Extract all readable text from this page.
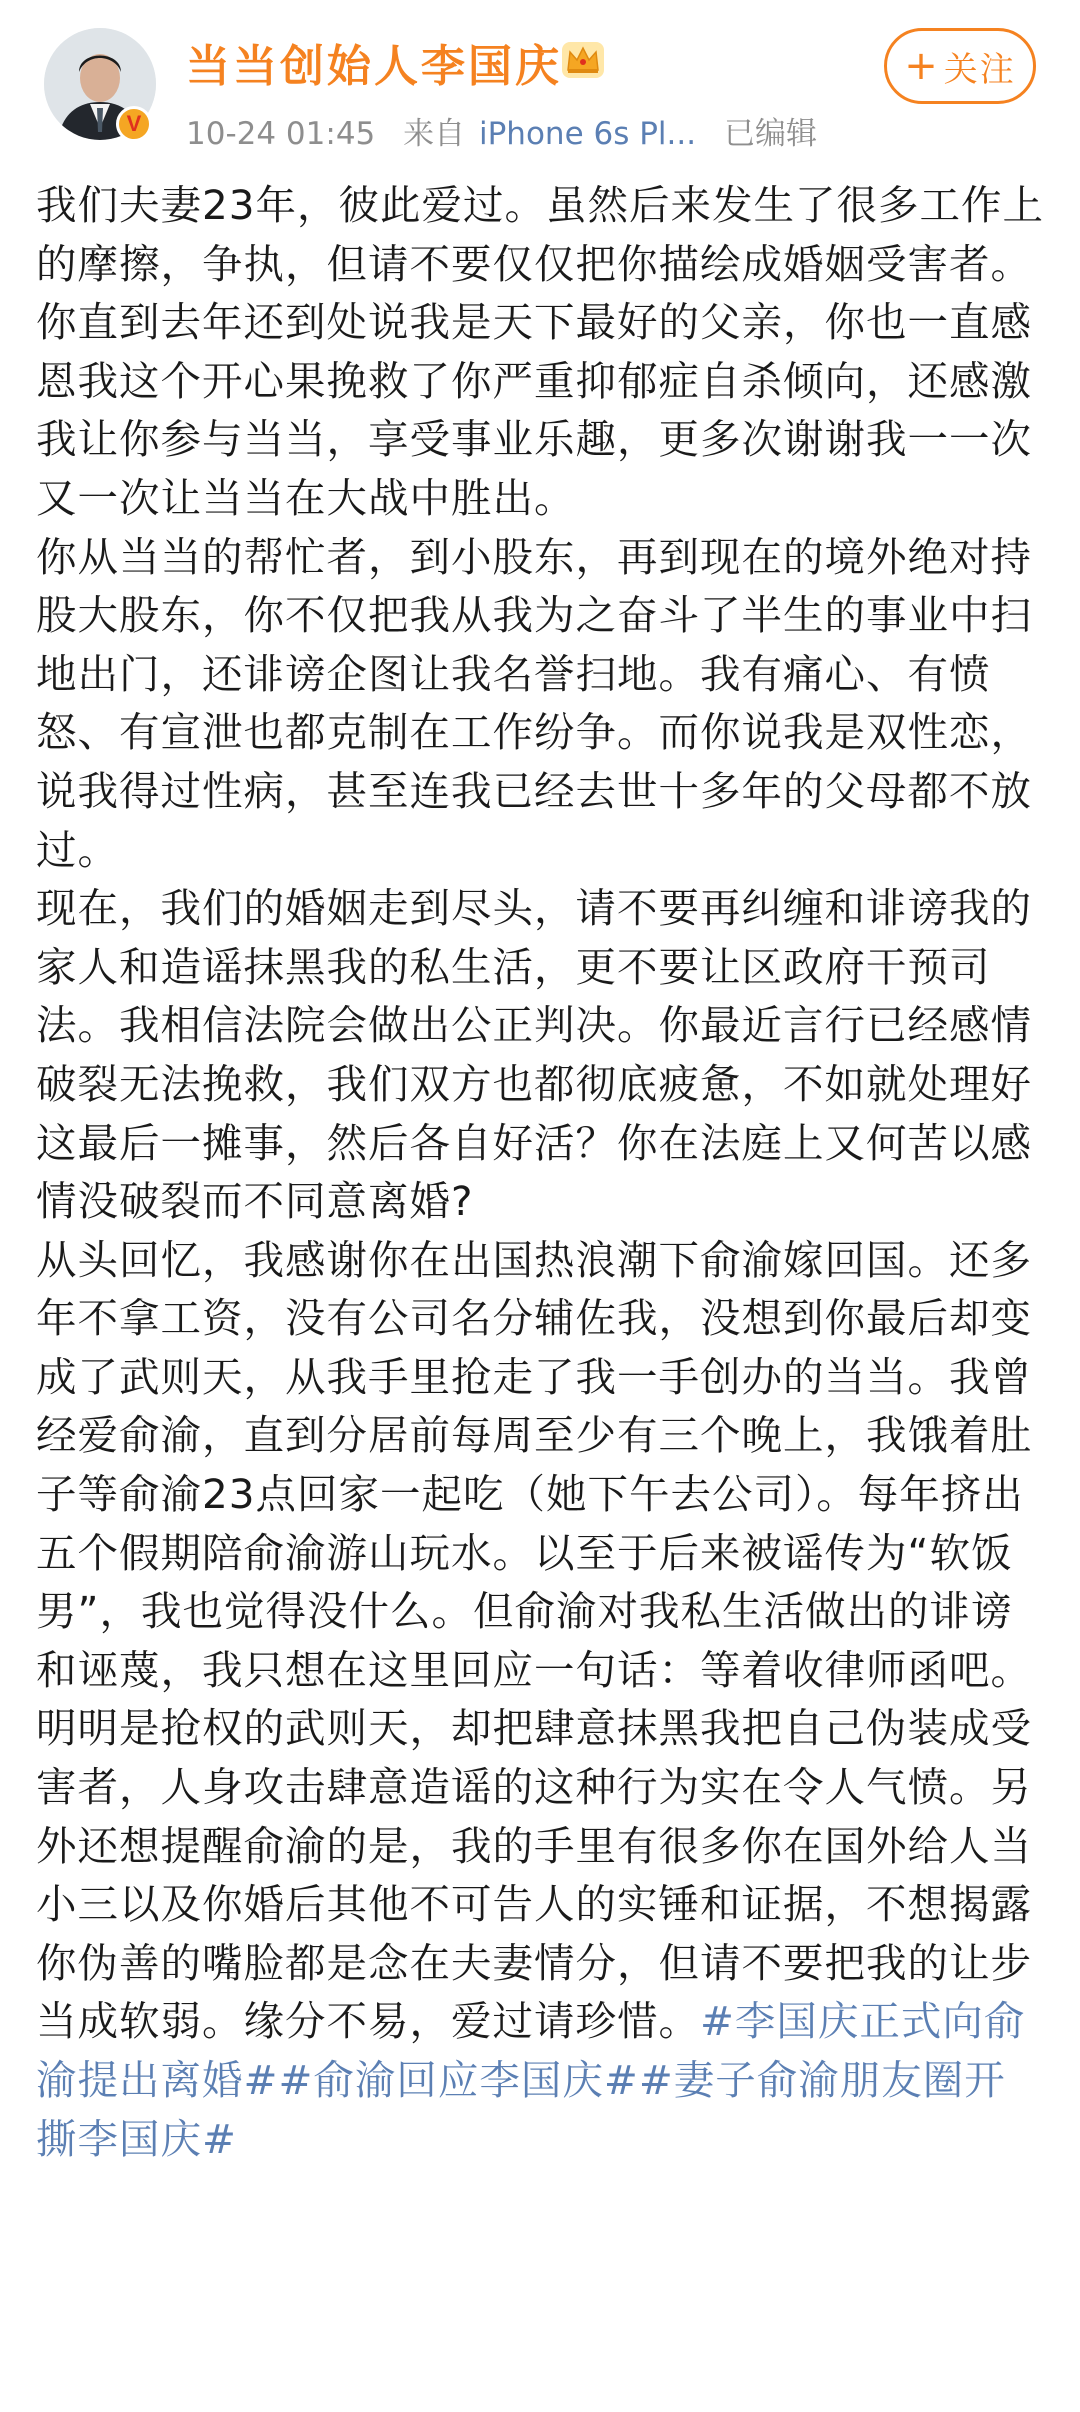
V
当当创始人李国庆
10-24 01:45 来自 iPhone 6s Pl... 已编辑
+ 关注

我们夫妻23年，彼此爱过。虽然后来发生了很多工作上的摩擦，争执，但请不要仅仅把你描绘成婚姻受害者。你直到去年还到处说我是天下最好的父亲，你也一直感恩我这个开心果挽救了你严重抑郁症自杀倾向，还感激我让你参与当当，享受事业乐趣，更多次谢谢我一一次又一次让当当在大战中胜出。

你从当当的帮忙者，到小股东，再到现在的境外绝对持股大股东，你不仅把我从我为之奋斗了半生的事业中扫地出门，还诽谤企图让我名誉扫地。我有痛心、有愤怒、有宣泄也都克制在工作纷争。而你说我是双性恋，说我得过性病，甚至连我已经去世十多年的父母都不放过。

现在，我们的婚姻走到尽头，请不要再纠缠和诽谤我的家人和造谣抹黑我的私生活，更不要让区政府干预司法。我相信法院会做出公正判决。你最近言行已经感情破裂无法挽救，我们双方也都彻底疲惫，不如就处理好这最后一摊事，然后各自好活？你在法庭上又何苦以感情没破裂而不同意离婚?

从头回忆，我感谢你在出国热浪潮下俞渝嫁回国。还多年不拿工资，没有公司名分辅佐我，没想到你最后却变成了武则天，从我手里抢走了我一手创办的当当。我曾经爱俞渝，直到分居前每周至少有三个晚上，我饿着肚子等俞渝23点回家一起吃（她下午去公司）。每年挤出五个假期陪俞渝游山玩水。以至于后来被谣传为“软饭男”，我也觉得没什么。但俞渝对我私生活做出的诽谤和诬蔑，我只想在这里回应一句话：等着收律师函吧。

明明是抢权的武则天，却把肆意抹黑我把自己伪装成受害者，人身攻击肆意造谣的这种行为实在令人气愤。另外还想提醒俞渝的是，我的手里有很多你在国外给人当小三以及你婚后其他不可告人的实锤和证据，不想揭露你伪善的嘴脸都是念在夫妻情分，但请不要把我的让步当成软弱。缘分不易，爱过请珍惜。#李国庆正式向俞渝提出离婚##俞渝回应李国庆##妻子俞渝朋友圈开撕李国庆#
